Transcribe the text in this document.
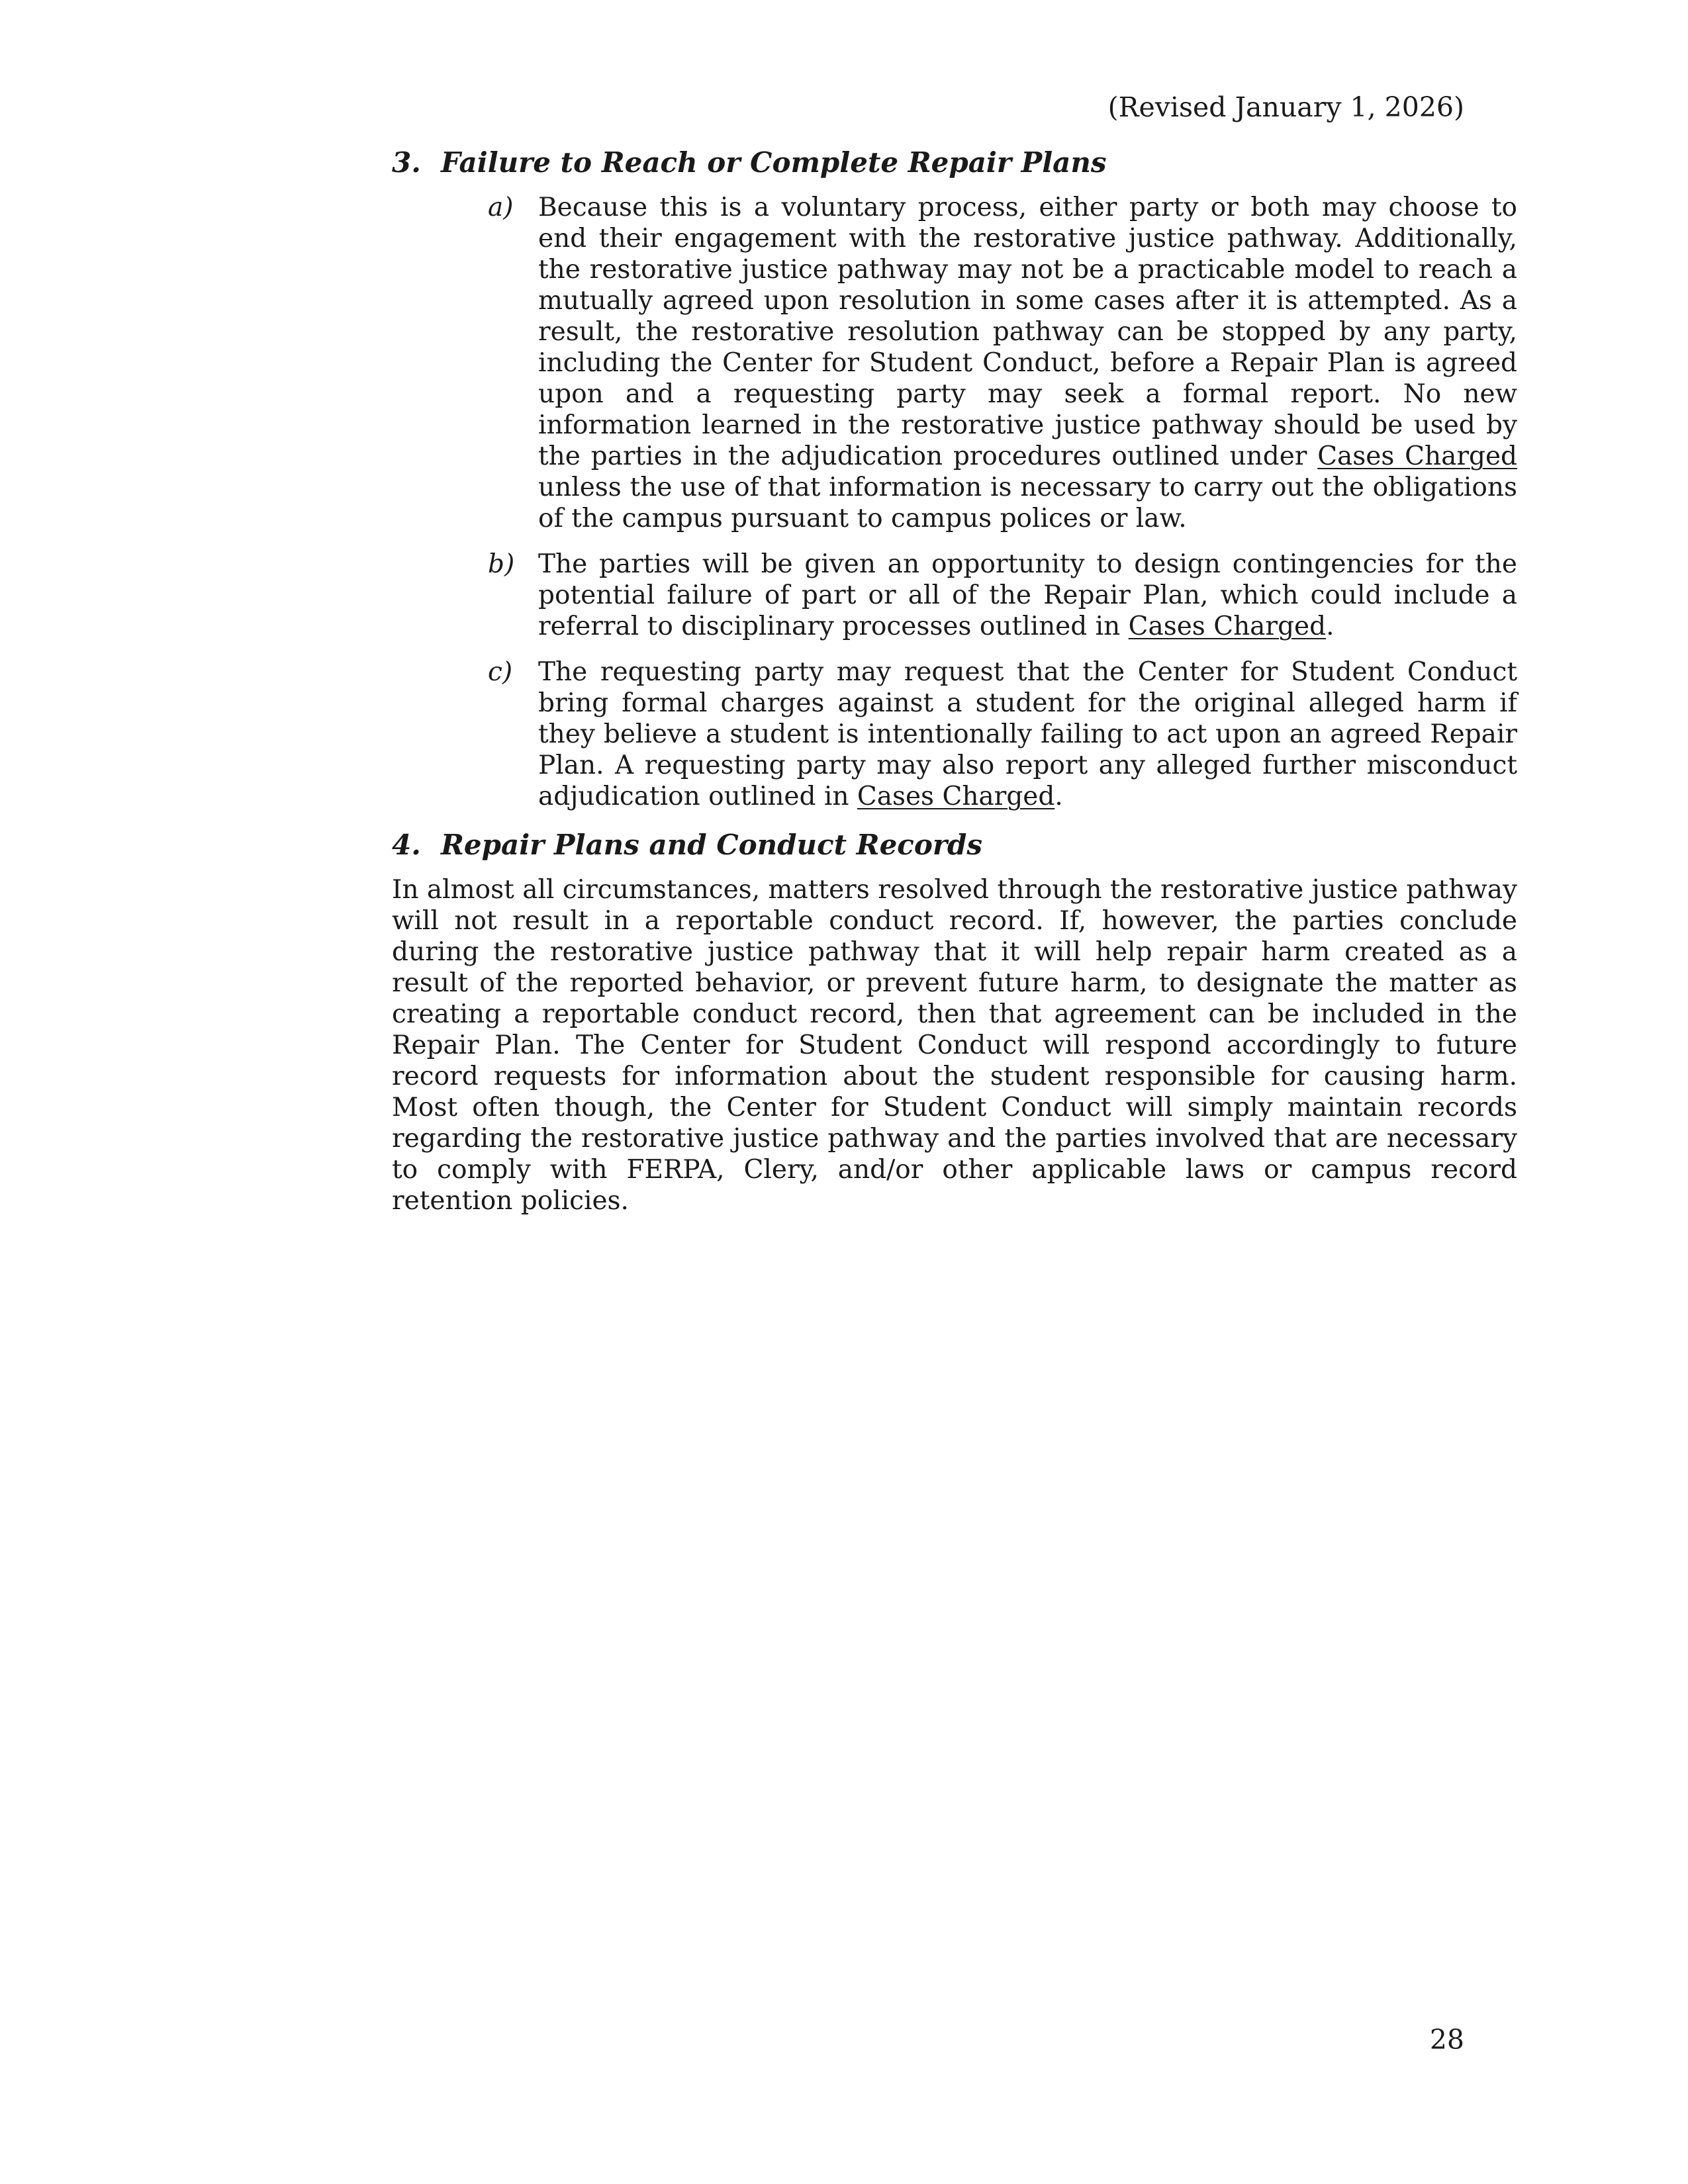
(Revised January 1, 2026)
3. Failure to Reach or Complete Repair Plans
a) Because this is a voluntary process, either party or both may choose to end their engagement with the restorative justice pathway. Additionally, the restorative justice pathway may not be a practicable model to reach a mutually agreed upon resolution in some cases after it is attempted. As a result, the restorative resolution pathway can be stopped by any party, including the Center for Student Conduct, before a Repair Plan is agreed upon and a requesting party may seek a formal report. No new information learned in the restorative justice pathway should be used by the parties in the adjudication procedures outlined under Cases Charged unless the use of that information is necessary to carry out the obligations of the campus pursuant to campus polices or law.
b) The parties will be given an opportunity to design contingencies for the potential failure of part or all of the Repair Plan, which could include a referral to disciplinary processes outlined in Cases Charged.
c) The requesting party may request that the Center for Student Conduct bring formal charges against a student for the original alleged harm if they believe a student is intentionally failing to act upon an agreed Repair Plan. A requesting party may also report any alleged further misconduct adjudication outlined in Cases Charged.
4. Repair Plans and Conduct Records

In almost all circumstances, matters resolved through the restorative justice pathway will not result in a reportable conduct record. If, however, the parties conclude during the restorative justice pathway that it will help repair harm created as a result of the reported behavior, or prevent future harm, to designate the matter as creating a reportable conduct record, then that agreement can be included in the Repair Plan. The Center for Student Conduct will respond accordingly to future record requests for information about the student responsible for causing harm. Most often though, the Center for Student Conduct will simply maintain records regarding the restorative justice pathway and the parties involved that are necessary to comply with FERPA, Clery, and/or other applicable laws or campus record retention policies.

28
